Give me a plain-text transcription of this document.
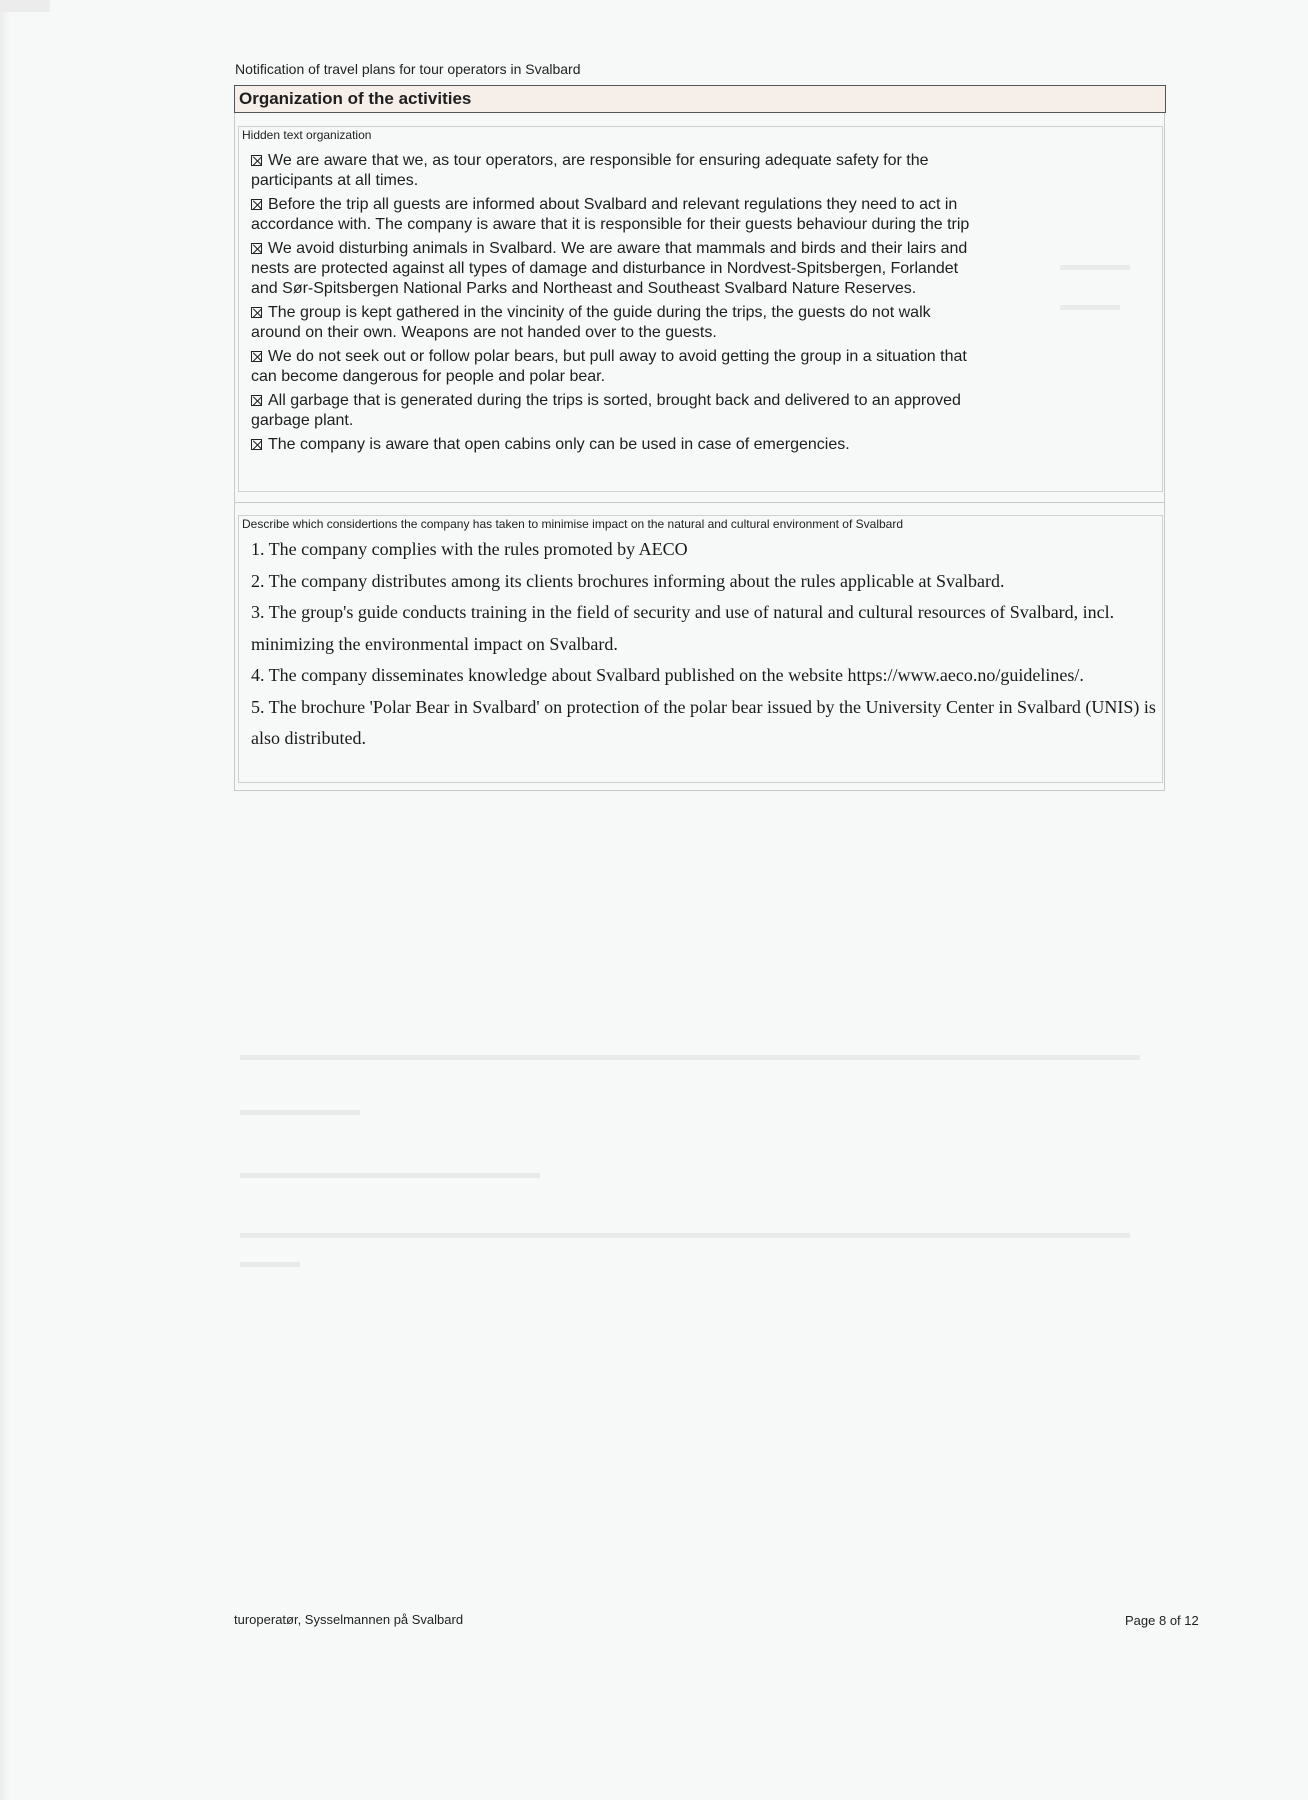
Notification of travel plans for tour operators in Svalbard
Organization of the activities
Hidden text organization
We are aware that we, as tour operators, are responsible for ensuring adequate safety for the participants at all times.
Before the trip all guests are informed about Svalbard and relevant regulations they need to act in accordance with. The company is aware that it is responsible for their guests behaviour during the trip
We avoid disturbing animals in Svalbard. We are aware that mammals and birds and their lairs and nests are protected against all types of damage and disturbance in Nordvest-Spitsbergen, Forlandet and Sør-Spitsbergen National Parks and Northeast and Southeast Svalbard Nature Reserves.
The group is kept gathered in the vincinity of the guide during the trips, the guests do not walk around on their own. Weapons are not handed over to the guests.
We do not seek out or follow polar bears, but pull away to avoid getting the group in a situation that can become dangerous for people and polar bear.
All garbage that is generated during the trips is sorted, brought back and delivered to an approved garbage plant.
The company is aware that open cabins only can be used in case of emergencies.
Describe which considertions the company has taken to minimise impact on the natural and cultural environment of Svalbard
1. The company complies with the rules promoted by AECO
2. The company distributes among its clients brochures informing about the rules applicable at Svalbard.
3. The group's guide conducts training in the field of security and use of natural and cultural resources of Svalbard, incl. minimizing the environmental impact on Svalbard.
4. The company disseminates knowledge about Svalbard published on the website https://www.aeco.no/guidelines/.
5. The brochure 'Polar Bear in Svalbard' on protection of the polar bear issued by the University Center in Svalbard (UNIS) is also distributed.
turoperatør, Sysselmannen på Svalbard	Page 8 of 12
